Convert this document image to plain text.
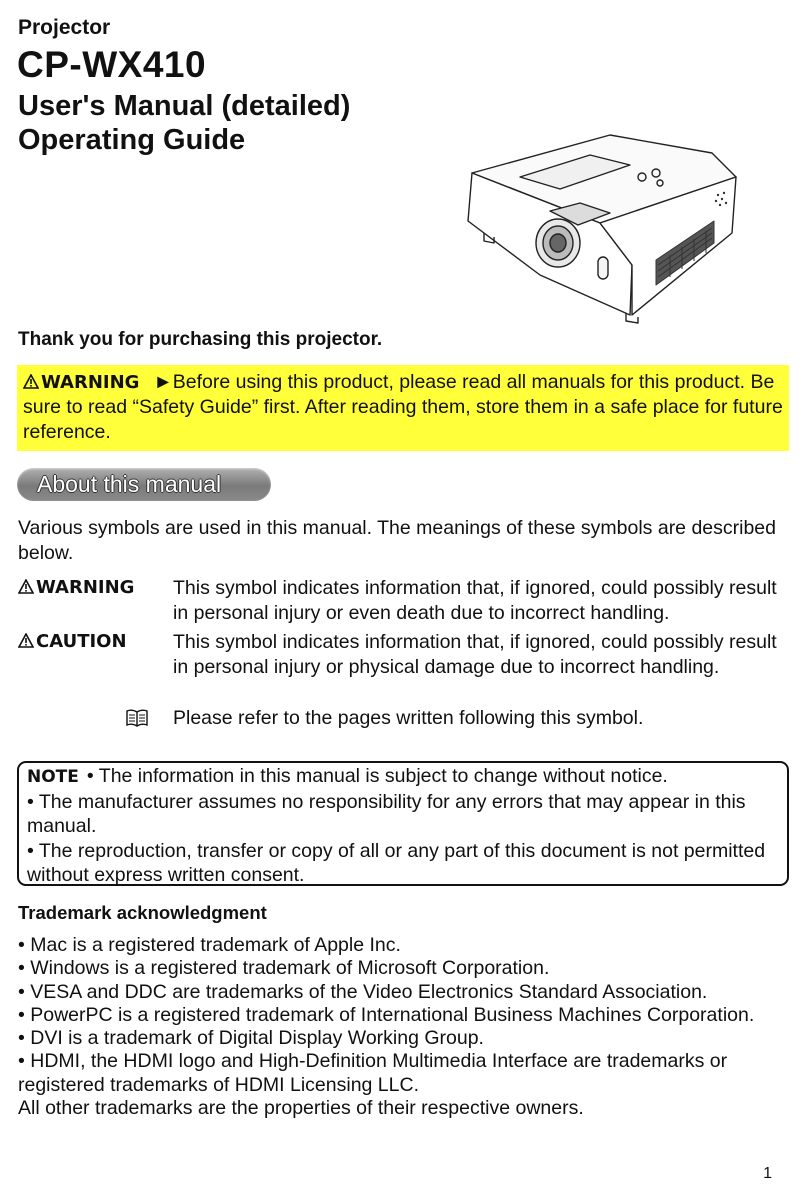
Projector
CP-WX410
User's Manual (detailed)
Operating Guide
Thank you for purchasing this projector.
WARNING ►Before using this product, please read all manuals for this product. Be sure to read “Safety Guide” first. After reading them, store them in a safe place for future reference.
About this manual
Various symbols are used in this manual. The meanings of these symbols are described below.
WARNING This symbol indicates information that, if ignored, could possibly result in personal injury or even death due to incorrect handling.
CAUTION This symbol indicates information that, if ignored, could possibly result in personal injury or physical damage due to incorrect handling.
Please refer to the pages written following this symbol.
NOTE • The information in this manual is subject to change without notice.
• The manufacturer assumes no responsibility for any errors that may appear in this manual.
• The reproduction, transfer or copy of all or any part of this document is not permitted without express written consent.
Trademark acknowledgment
• Mac is a registered trademark of Apple Inc.
• Windows is a registered trademark of Microsoft Corporation.
• VESA and DDC are trademarks of the Video Electronics Standard Association.
• PowerPC is a registered trademark of International Business Machines Corporation.
• DVI is a trademark of Digital Display Working Group.
• HDMI, the HDMI logo and High-Definition Multimedia Interface are trademarks or registered trademarks of HDMI Licensing LLC.
All other trademarks are the properties of their respective owners.
1
